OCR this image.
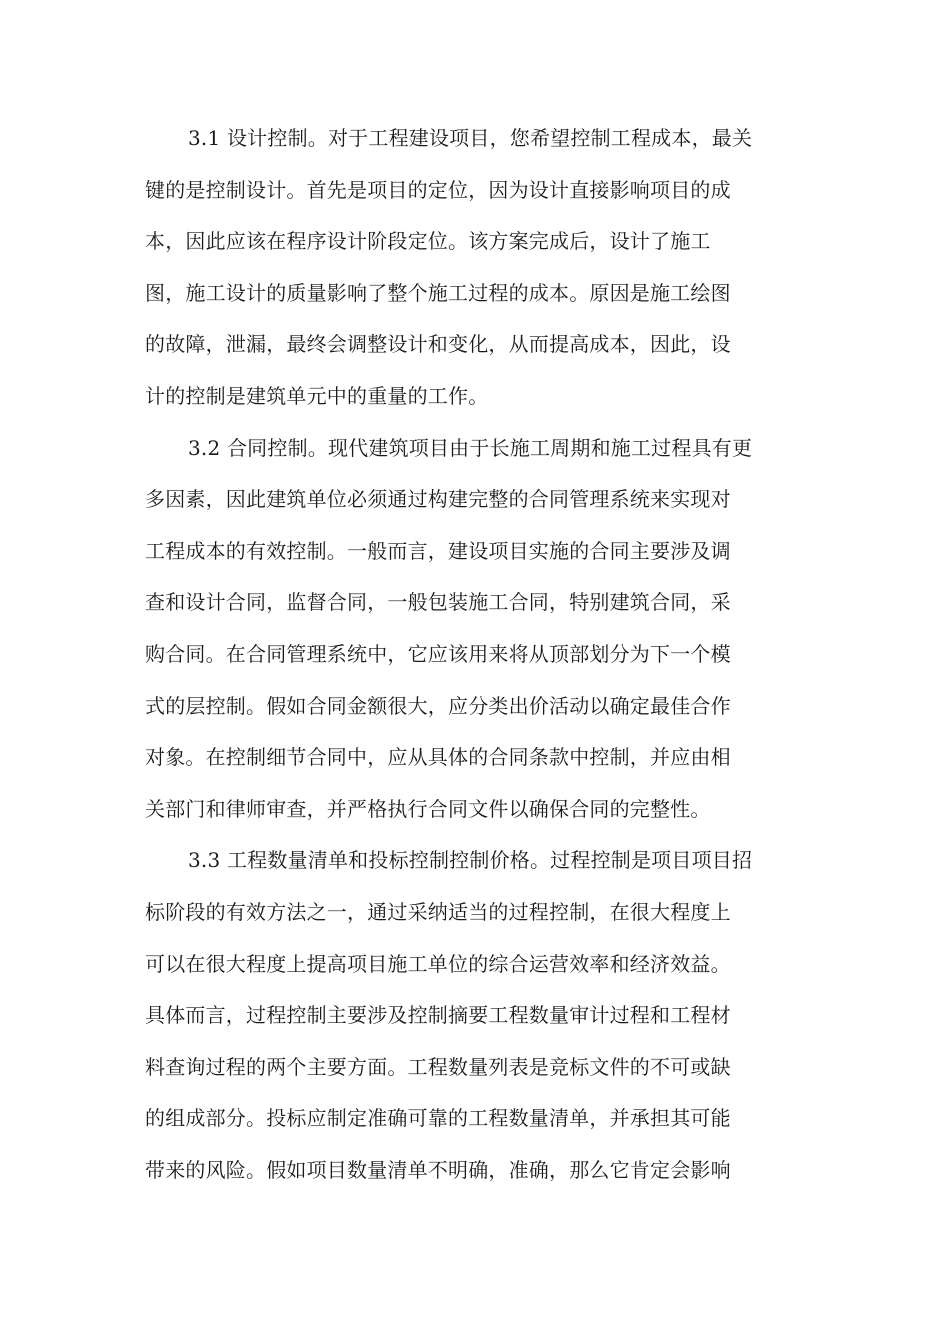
3.1 设计控制。对于工程建设项目，您希望控制工程成本，最关
键的是控制设计。首先是项目的定位，因为设计直接影响项目的成
本，因此应该在程序设计阶段定位。该方案完成后，设计了施工
图，施工设计的质量影响了整个施工过程的成本。原因是施工绘图
的故障，泄漏，最终会调整设计和变化，从而提高成本，因此，设
计的控制是建筑单元中的重量的工作。
3.2 合同控制。现代建筑项目由于长施工周期和施工过程具有更
多因素，因此建筑单位必须通过构建完整的合同管理系统来实现对
工程成本的有效控制。一般而言，建设项目实施的合同主要涉及调
查和设计合同，监督合同，一般包装施工合同，特别建筑合同，采
购合同。在合同管理系统中，它应该用来将从顶部划分为下一个模
式的层控制。假如合同金额很大，应分类出价活动以确定最佳合作
对象。在控制细节合同中，应从具体的合同条款中控制，并应由相
关部门和律师审查，并严格执行合同文件以确保合同的完整性。
3.3 工程数量清单和投标控制控制价格。过程控制是项目项目招
标阶段的有效方法之一，通过采纳适当的过程控制，在很大程度上
可以在很大程度上提高项目施工单位的综合运营效率和经济效益。
具体而言，过程控制主要涉及控制摘要工程数量审计过程和工程材
料查询过程的两个主要方面。工程数量列表是竞标文件的不可或缺
的组成部分。投标应制定准确可靠的工程数量清单，并承担其可能
带来的风险。假如项目数量清单不明确，准确，那么它肯定会影响
